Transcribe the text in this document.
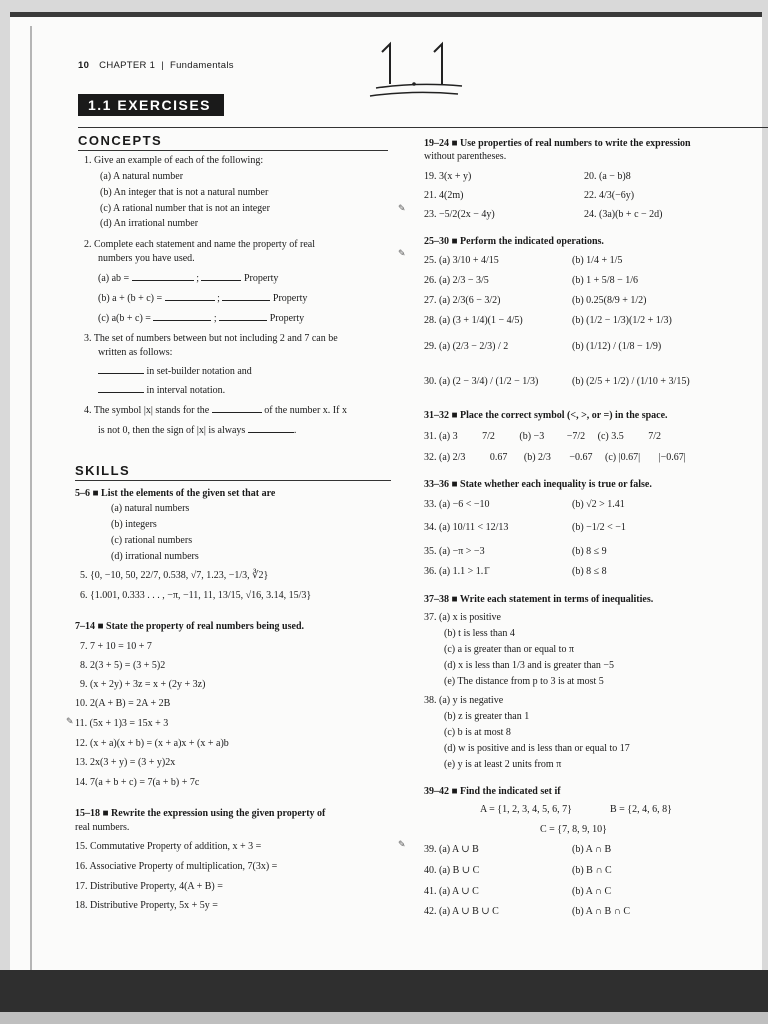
10 CHAPTER 1 | Fundamentals
1.1 EXERCISES
CONCEPTS
1. Give an example of each of the following:
(a) A natural number
(b) An integer that is not a natural number
(c) A rational number that is not an integer
(d) An irrational number
2. Complete each statement and name the property of real
numbers you have used.
(a) ab =	;	Property
(b) a + (b + c) =	;	Property
(c) a(b + c) =	;	Property
3. The set of numbers between but not including 2 and 7 can be
written as follows:
in set-builder notation and
in interval notation.
4. The symbol |x| stands for the	of the number x. If x
is not 0, then the sign of |x| is always	.
SKILLS
5–6 ■ List the elements of the given set that are
(a) natural numbers
(b) integers
(c) rational numbers
(d) irrational numbers
5. {0, −10, 50, 22/7, 0.538, √7, 1.23, −1/3, ∛2}
6. {1.001, 0.333 . . . , −π, −11, 11, 13/15, √16, 3.14, 15/3}
7–14 ■ State the property of real numbers being used.
7. 7 + 10 = 10 + 7
8. 2(3 + 5) = (3 + 5)2
9. (x + 2y) + 3z = x + (2y + 3z)
10. 2(A + B) = 2A + 2B
11. (5x + 1)3 = 15x + 3
12. (x + a)(x + b) = (x + a)x + (x + a)b
13. 2x(3 + y) = (3 + y)2x
14. 7(a + b + c) = 7(a + b) + 7c
15–18 ■ Rewrite the expression using the given property of
real numbers.
15. Commutative Property of addition, x + 3 =
16. Associative Property of multiplication, 7(3x) =
17. Distributive Property, 4(A + B) =
18. Distributive Property, 5x + 5y =
✎
✎
✎
✎
19–24 ■ Use properties of real numbers to write the expression
without parentheses.
19. 3(x + y)	20. (a − b)8
21. 4(2m)	22. 4/3(−6y)
23. −5/2(2x − 4y)	24. (3a)(b + c − 2d)
25–30 ■ Perform the indicated operations.
25. (a) 3/10 + 4/15	(b) 1/4 + 1/5
26. (a) 2/3 − 3/5	(b) 1 + 5/8 − 1/6
27. (a) 2/3(6 − 3/2)	(b) 0.25(8/9 + 1/2)
28. (a) (3 + 1/4)(1 − 4/5)	(b) (1/2 − 1/3)(1/2 + 1/3)
29. (a) (2/3 − 2/3) / 2	(b) (1/12) / (1/8 − 1/9)
30. (a) (2 − 3/4) / (1/2 − 1/3)	(b) (2/5 + 1/2) / (1/10 + 3/15)
31–32 ■ Place the correct symbol (<, >, or =) in the space.
31. (a) 3 7/2 (b) −3 −7/2 (c) 3.5 7/2
32. (a) 2/3 0.67 (b) 2/3 −0.67 (c) |0.67| |−0.67|
33–36 ■ State whether each inequality is true or false.
33. (a) −6 < −10	(b) √2 > 1.41
34. (a) 10/11 < 12/13	(b) −1/2 < −1
35. (a) −π > −3	(b) 8 ≤ 9
36. (a) 1.1 > 1.1̄	(b) 8 ≤ 8
37–38 ■ Write each statement in terms of inequalities.
37. (a) x is positive
(b) t is less than 4
(c) a is greater than or equal to π
(d) x is less than 1/3 and is greater than −5
(e) The distance from p to 3 is at most 5
38. (a) y is negative
(b) z is greater than 1
(c) b is at most 8
(d) w is positive and is less than or equal to 17
(e) y is at least 2 units from π
39–42 ■ Find the indicated set if
A = {1, 2, 3, 4, 5, 6, 7}	B = {2, 4, 6, 8}
C = {7, 8, 9, 10}
39. (a) A ∪ B	(b) A ∩ B
40. (a) B ∪ C	(b) B ∩ C
41. (a) A ∪ C	(b) A ∩ C
42. (a) A ∪ B ∪ C	(b) A ∩ B ∩ C
